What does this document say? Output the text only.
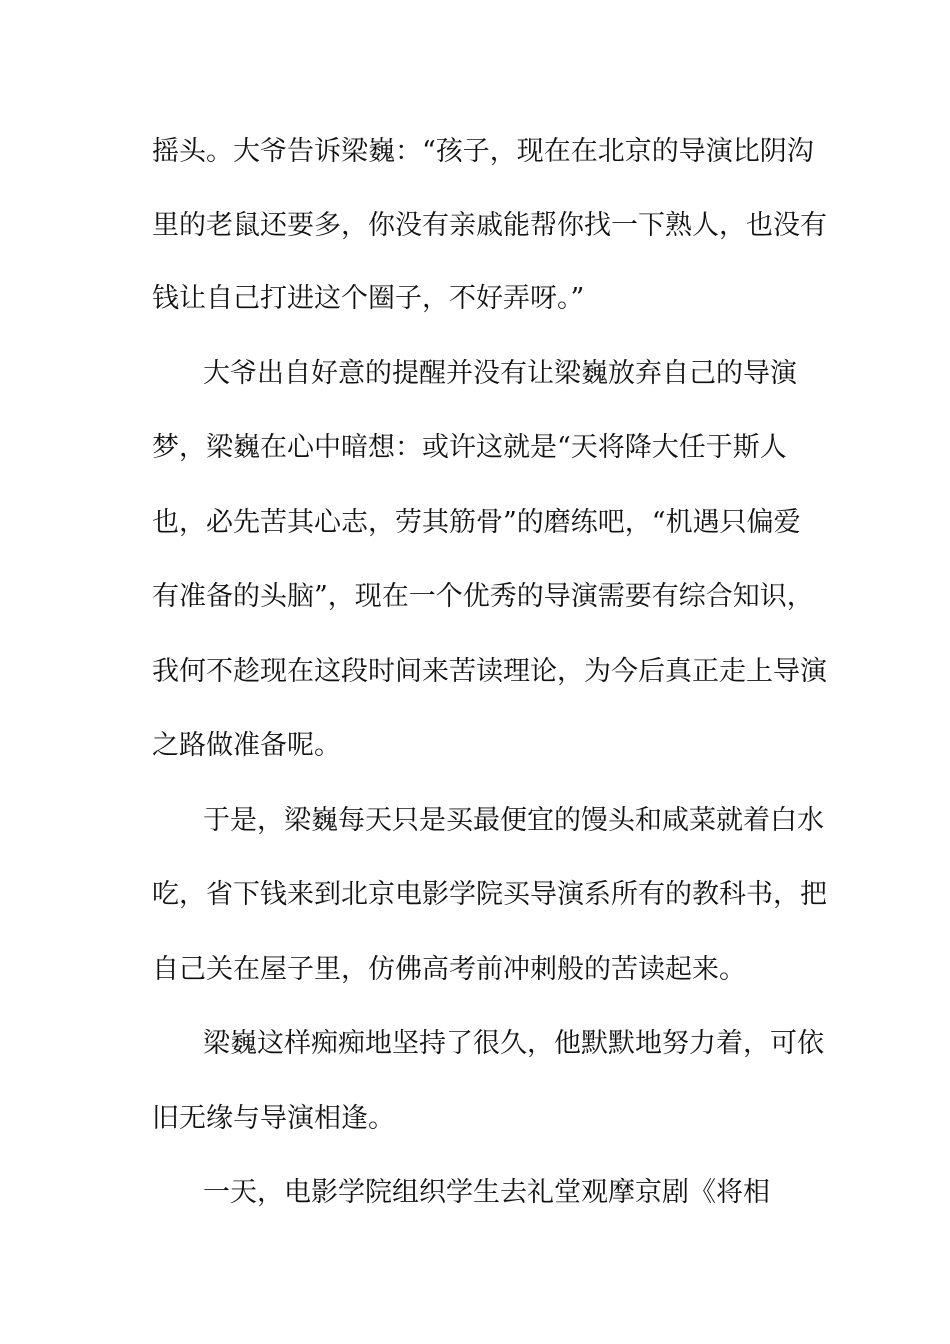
摇头。大爷告诉梁巍：“孩子，现在在北京的导演比阴沟
里的老鼠还要多，你没有亲戚能帮你找一下熟人，也没有
钱让自己打进这个圈子，不好弄呀。”
大爷出自好意的提醒并没有让梁巍放弃自己的导演
梦，梁巍在心中暗想：或许这就是“天将降大任于斯人
也，必先苦其心志，劳其筋骨”的磨练吧，“机遇只偏爱
有准备的头脑”，现在一个优秀的导演需要有综合知识，
我何不趁现在这段时间来苦读理论，为今后真正走上导演
之路做准备呢。
于是，梁巍每天只是买最便宜的馒头和咸菜就着白水
吃，省下钱来到北京电影学院买导演系所有的教科书，把
自己关在屋子里，仿佛高考前冲刺般的苦读起来。
梁巍这样痴痴地坚持了很久，他默默地努力着，可依
旧无缘与导演相逢。
一天，电影学院组织学生去礼堂观摩京剧《将相
